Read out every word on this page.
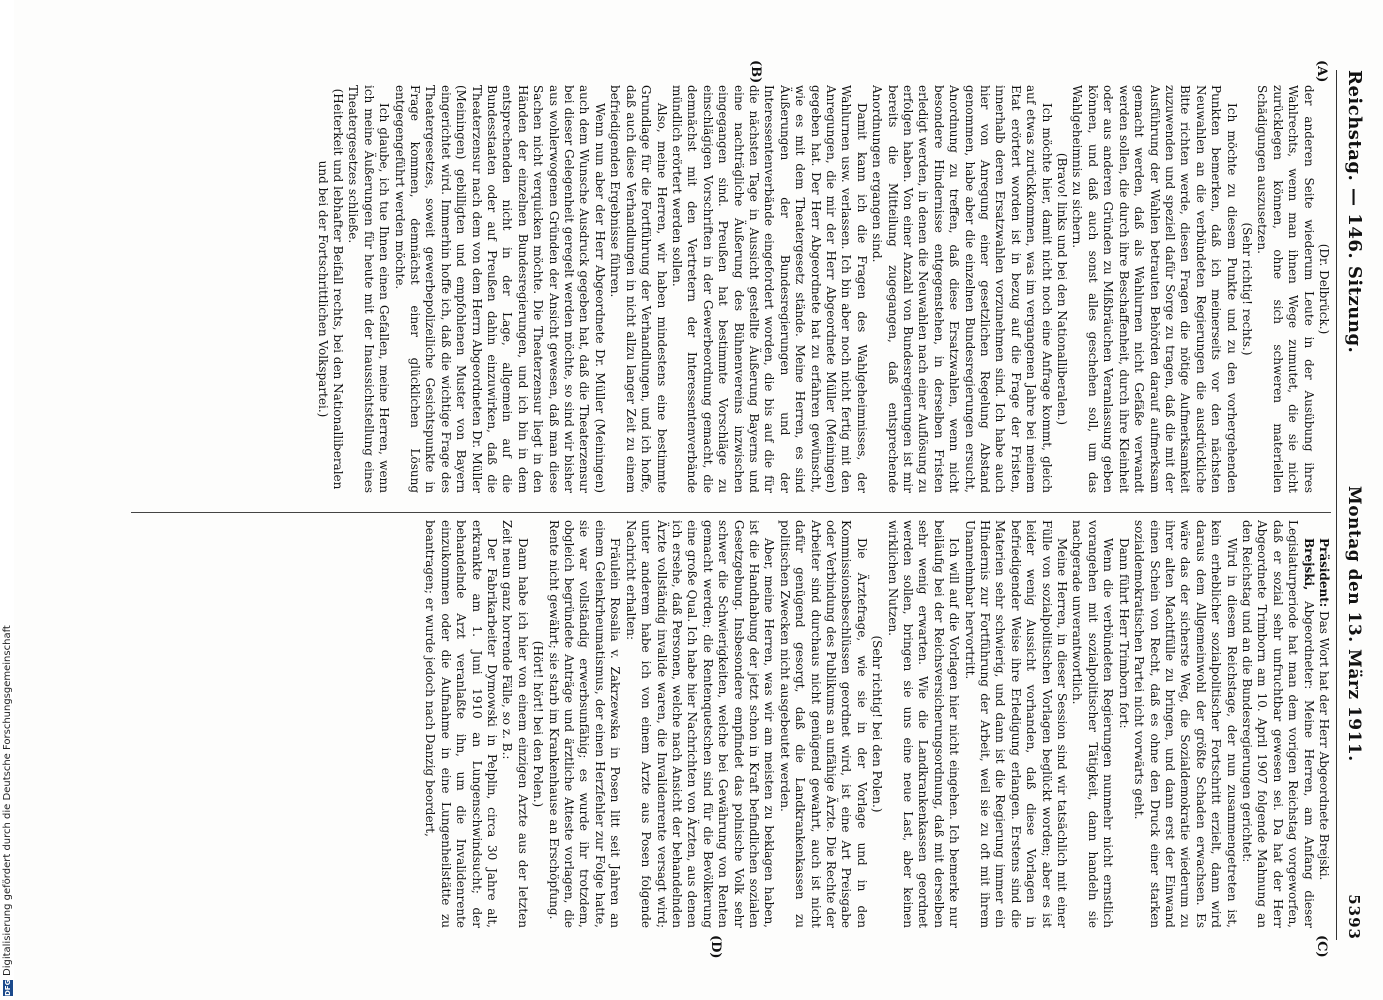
Reichstag. — 146. Sitzung.
Montag den 13. März 1911.
5393
(A)
(B)
(C)
(D)

(Dr. Delbrück.)

der anderen Seite wiederum Leute in der Ausübung ihres Wahlrechts, wenn man ihnen Wege zumutet, die sie nicht zurücklegen können, ohne sich schweren materiellen Schädigungen auszusetzen.

(Sehr richtig! rechts.)

Ich möchte zu diesem Punkte und zu den vorhergehenden Punkten bemerken, daß ich meinerseits vor den nächsten Neuwahlen an die verbündeten Regierungen die ausdrückliche Bitte richten werde, diesen Fragen die nötige Aufmerksamkeit zuzuwenden und speziell dafür Sorge zu tragen, daß die mit der Ausführung der Wahlen betrauten Behörden darauf aufmerksam gemacht werden, daß als Wahlurnen nicht Gefäße verwandt werden sollen, die durch ihre Beschaffenheit, durch ihre Kleinheit oder aus anderen Gründen zu Mißbräuchen Veranlassung geben können, und daß auch sonst alles geschehen soll, um das Wahlgeheimnis zu sichern.

(Bravo! links und bei den Nationalliberalen.)

Ich möchte hier, damit nicht noch eine Anfrage kommt, gleich auf etwas zurückkommen, was im vergangenen Jahre bei meinem Etat erörtert worden ist in bezug auf die Frage der Fristen, innerhalb deren Ersatzwahlen vorzunehmen sind. Ich habe auch hier von Anregung einer gesetzlichen Regelung Abstand genommen, habe aber die einzelnen Bundesregierungen ersucht, Anordnung zu treffen, daß diese Ersatzwahlen, wenn nicht besondere Hindernisse entgegenstehen, in derselben Fristen erledigt werden, in denen die Neuwahlen nach einer Auflösung zu erfolgen haben. Von einer Anzahl von Bundesregierungen ist mir bereits die Mitteilung zugegangen, daß entsprechende Anordnungen ergangen sind.

Damit kann ich die Fragen des Wahlgeheimnisses, der Wahlurnen usw. verlassen. Ich bin aber noch nicht fertig mit den Anregungen, die mir der Herr Abgeordnete Müller (Meiningen) gegeben hat. Der Herr Abgeordnete hat zu erfahren gewünscht, wie es mit dem Theatergesetz stände. Meine Herren, es sind Äußerungen der Bundesregierungen und der Interessentenverbände eingefordert worden, die bis auf die für die nächsten Tage in Aussicht gestellte Äußerung Bayerns und eine nachträgliche Äußerung des Bühnenvereins inzwischen eingegangen sind. Preußen hat bestimmte Vorschläge zu einschlägigen Vorschriften in der Gewerbeordnung gemacht, die demnächst mit den Vertretern der Interessentenverbände mündlich erörtert werden sollen.

Also, meine Herren, wir haben mindestens eine bestimmte Grundlage für die Fortführung der Verhandlungen, und ich hoffe, daß auch diese Verhandlungen in nicht allzu langer Zeit zu einem befriedigenden Ergebnisse führen.

Wenn nun aber der Herr Abgeordnete Dr. Müller (Meiningen) auch dem Wunsche Ausdruck gegeben hat, daß die Theaterzensur bei dieser Gelegenheit geregelt werden möchte, so sind wir bisher aus wohlerwogenen Gründen der Ansicht gewesen, daß man diese Sachen nicht verquicken möchte. Die Theaterzensur liegt in den Händen der einzelnen Bundesregierungen, und ich bin in dem entsprechenden nicht in der Lage, allgemein auf die Bundesstaaten oder auf Preußen dahin einzuwirken, daß die Theaterzensur nach dem von dem Herrn Abgeordneten Dr. Müller (Meiningen) gebilligten und empfohlenen Muster von Bayern eingerichtet wird. Immerhin hoffe ich, daß die wichtige Frage des Theatergesetzes, soweit gewerbepolizeiliche Gesichtspunkte in Frage kommen, demnächst einer glücklichen Lösung entgegengeführt werden möchte.

Ich glaube, ich tue Ihnen einen Gefallen, meine Herren, wenn ich meine Äußerungen für heute mit der Inaussichtstellung eines Theatergesetzes schließe.

(Heiterkeit und lebhafter Beifall rechts, bei den Nationalliberalen und bei der Fortschrittlichen Volkspartei.)

Präsident: Das Wort hat der Herr Abgeordnete Brejski.

Brejski, Abgeordneter: Meine Herren, am Anfang dieser Legislaturperiode hat man dem vorigen Reichstag vorgeworfen, daß er sozial sehr unfruchtbar gewesen sei. Da hat der Herr Abgeordnete Trimborn am 10. April 1907 folgende Mahnung an den Reichstag und an die Bundesregierungen gerichtet:

Wird in diesem Reichstage, der nun zusammengetreten ist, kein erheblicher sozialpolitischer Fortschritt erzielt, dann wird daraus dem Allgemeinwohl der größte Schaden erwachsen. Es wäre das der sicherste Weg, die Sozialdemokratie wiederum zu ihrer alten Machtfülle zu bringen, und dann erst der Einwand einen Schein von Recht, daß es ohne den Druck einer starken sozialdemokratischen Partei nicht vorwärts geht.

Dann führt Herr Trimborn fort:

Wenn die verbündeten Regierungen nunmehr nicht ernstlich vorangehen mit sozialpolitischer Tätigkeit, dann handeln sie nachgerade unverantwortlich.

Meine Herren, in dieser Session sind wir tatsächlich mit einer Fülle von sozialpolitischen Vorlagen beglückt worden; aber es ist leider wenig Aussicht vorhanden, daß diese Vorlagen in befriedigender Weise ihre Erledigung erlangen. Erstens sind die Materien sehr schwierig, und dann ist die Regierung immer ein Hindernis zur Fortführung der Arbeit, weil sie zu oft mit ihrem Unannehmbar hervortritt.

Ich will auf die Vorlagen hier nicht eingehen. Ich bemerke nur beiläufig bei der Reichsversicherungsordnung, daß mit derselben sehr wenig erwarten. Wie die Landkrankenkassen geordnet werden sollen, bringen sie uns eine neue Last, aber keinen wirklichen Nutzen.

(Sehr richtig! bei den Polen.)

Die Ärztefrage, wie sie in der Vorlage und in den Kommissionsbeschlüssen geordnet wird, ist eine Art Preisgabe oder Verbindung des Publikums an unfähige Ärzte. Die Rechte der Arbeiter sind durchaus nicht genügend gewahrt, auch ist nicht dafür genügend gesorgt, daß die Landkrankenkassen zu politischen Zwecken nicht ausgebeutet werden.

Aber, meine Herren, was wir am meisten zu beklagen haben, ist die Handhabung der jetzt schon in Kraft befindlichen sozialen Gesetzgebung. Insbesondere empfindet das polnische Volk sehr schwer die Schwierigkeiten, welche bei Gewährung von Renten gemacht werden; die Rentenquetschen sind für die Bevölkerung eine große Qual. Ich habe hier Nachrichten von Ärzten, aus denen ich ersehe, daß Personen, welche nach Ansicht der behandelnden Ärzte vollständig invalide waren, die Invalidenrente versagt wird; unter anderem habe ich von einem Arzte aus Posen folgende Nachricht erhalten:

Fräulein Rosalia v. Zakrzewska in Posen litt seit Jahren an einem Gelenkrheumatismus, der einen Herzfehler zur Folge hatte, sie war vollständig erwerbsunfähig; es wurde ihr trotzdem, obgleich begründete Anträge und ärztliche Atteste vorlagen, die Rente nicht gewährt; sie starb im Krankenhause an Erschöpfung.

(Hört! hört! bei den Polen.)

Dann habe ich hier von einem einzigen Arzte aus der letzten Zeit neun ganz horrende Fälle, so z. B.:

Der Fabrikarbeiter Dymowski in Pelplin, circa 30 Jahre alt, erkrankte am 1. Juni 1910 an Lungenschwindsucht; der behandelnde Arzt veranlaßte ihn, um die Invalidenrente einzukommen oder die Aufnahme in eine Lungenheilstätte zu beantragen; er wurde jedoch nach Danzig beordert,

DFG
Digitalisierung gefördert durch die Deutsche Forschungsgemeinschaft
